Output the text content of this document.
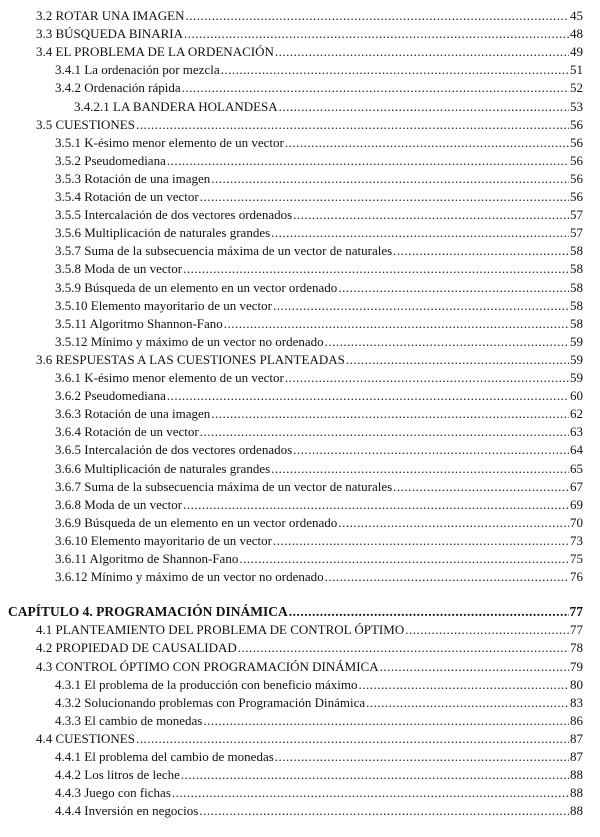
3.2 ROTAR UNA IMAGEN .....	45
3.3 BÚSQUEDA BINARIA .....	48
3.4 EL PROBLEMA DE LA ORDENACIÓN .....	49
3.4.1 La ordenación por mezcla .....	51
3.4.2 Ordenación rápida .....	52
3.4.2.1 LA BANDERA HOLANDESA .....	53
3.5 CUESTIONES .....	56
3.5.1 K-ésimo menor elemento de un vector .....	56
3.5.2 Pseudomediana .....	56
3.5.3 Rotación de una imagen .....	56
3.5.4 Rotación de un vector .....	56
3.5.5 Intercalación de dos vectores ordenados .....	57
3.5.6 Multiplicación de naturales grandes .....	57
3.5.7 Suma de la subsecuencia máxima de un vector de naturales .....	58
3.5.8 Moda de un vector .....	58
3.5.9 Búsqueda de un elemento en un vector ordenado .....	58
3.5.10 Elemento mayoritario de un vector .....	58
3.5.11 Algoritmo Shannon-Fano .....	58
3.5.12 Mínimo y máximo de un vector no ordenado .....	59
3.6 RESPUESTAS A LAS CUESTIONES PLANTEADAS .....	59
3.6.1 K-ésimo menor elemento de un vector .....	59
3.6.2 Pseudomediana .....	60
3.6.3 Rotación de una imagen .....	62
3.6.4 Rotación de un vector .....	63
3.6.5 Intercalación de dos vectores ordenados .....	64
3.6.6 Multiplicación de naturales grandes .....	65
3.6.7 Suma de la subsecuencia máxima de un vector de naturales .....	67
3.6.8 Moda de un vector .....	69
3.6.9 Búsqueda de un elemento en un vector ordenado .....	70
3.6.10 Elemento mayoritario de un vector .....	73
3.6.11 Algoritmo de Shannon-Fano .....	75
3.6.12 Mínimo y máximo de un vector no ordenado .....	76
CAPÍTULO 4. PROGRAMACIÓN DINÁMICA .....	77
4.1 PLANTEAMIENTO DEL PROBLEMA DE CONTROL ÓPTIMO .....	77
4.2 PROPIEDAD DE CAUSALIDAD .....	78
4.3 CONTROL ÓPTIMO CON PROGRAMACIÓN DINÁMICA .....	79
4.3.1 El problema de la producción con beneficio máximo .....	80
4.3.2 Solucionando problemas con Programación Dinámica .....	83
4.3.3 El cambio de monedas .....	86
4.4 CUESTIONES .....	87
4.4.1 El problema del cambio de monedas .....	87
4.4.2 Los litros de leche .....	88
4.4.3 Juego con fichas .....	88
4.4.4 Inversión en negocios .....	88
